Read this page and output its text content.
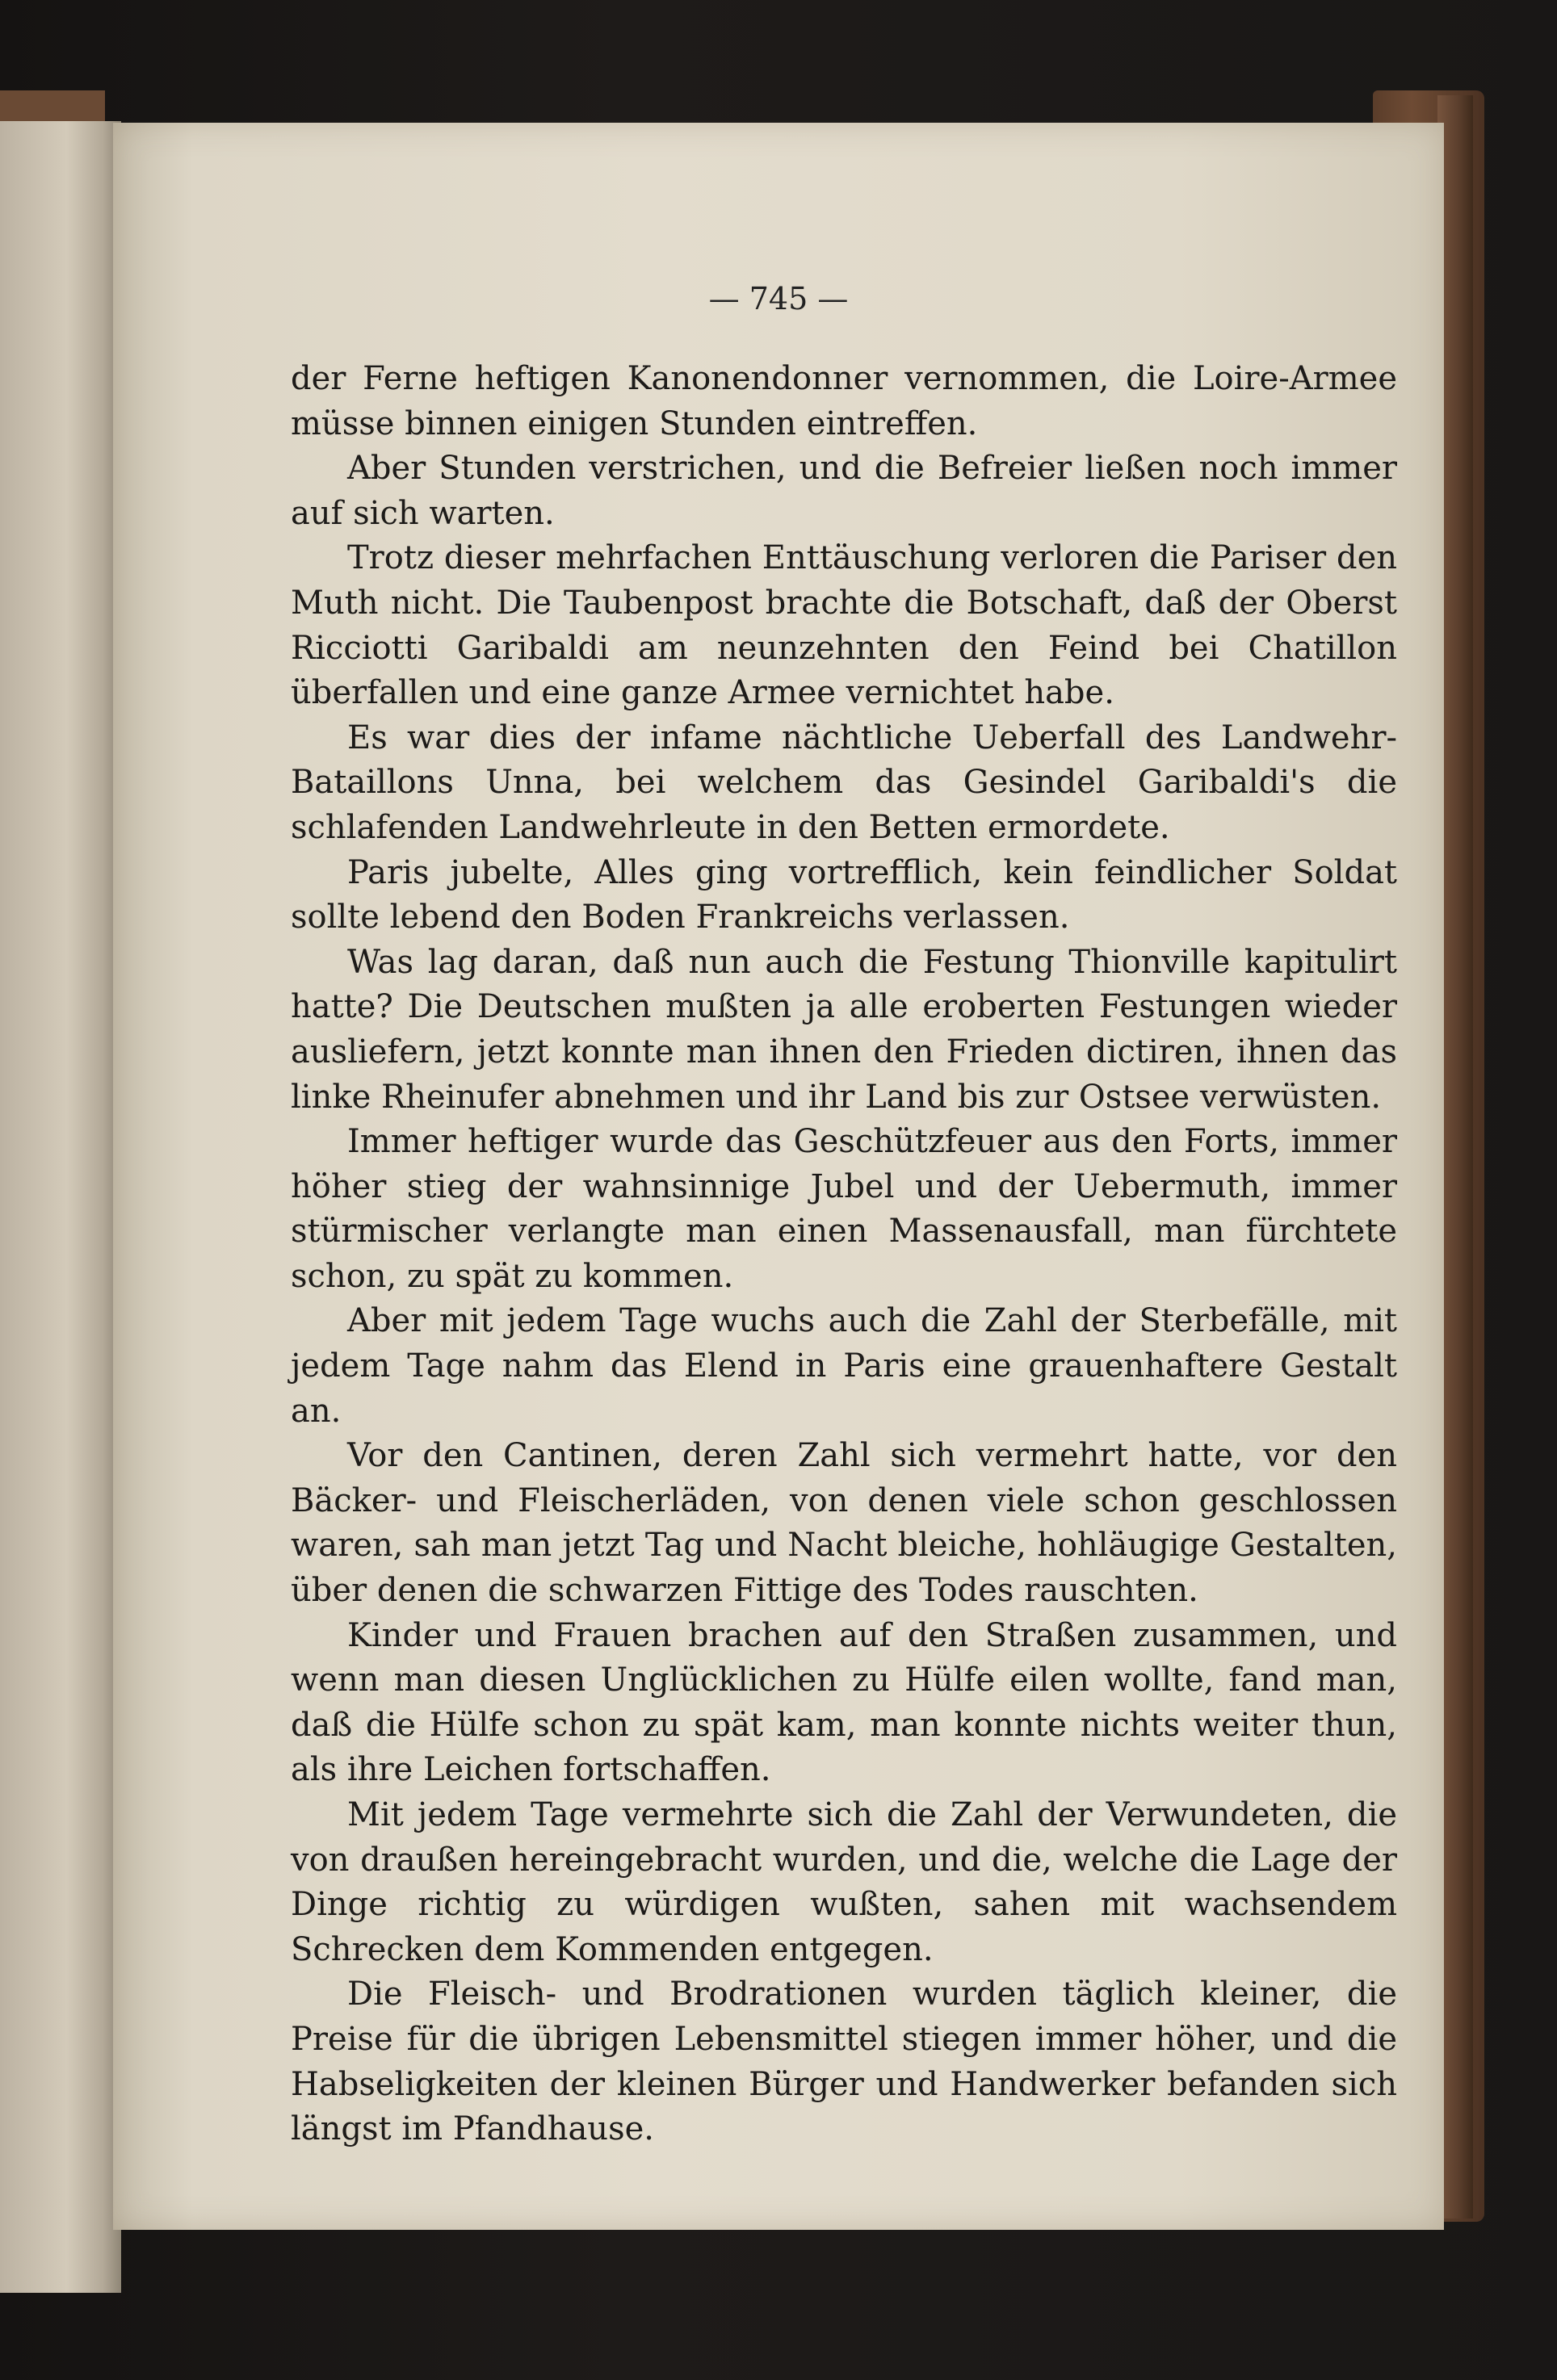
— 745 —

der Ferne heftigen Kanonendonner vernommen, die Loire-Armee müsse binnen einigen Stunden eintreffen.

Aber Stunden verstrichen, und die Befreier ließen noch immer auf sich warten.

Trotz dieser mehrfachen Enttäuschung verloren die Pariser den Muth nicht. Die Taubenpost brachte die Botschaft, daß der Oberst Ricciotti Garibaldi am neunzehnten den Feind bei Chatillon überfallen und eine ganze Armee vernichtet habe.

Es war dies der infame nächtliche Ueberfall des Landwehr-Bataillons Unna, bei welchem das Gesindel Garibaldi's die schlafenden Landwehrleute in den Betten ermordete.

Paris jubelte, Alles ging vortrefflich, kein feindlicher Soldat sollte lebend den Boden Frankreichs verlassen.

Was lag daran, daß nun auch die Festung Thionville kapitulirt hatte? Die Deutschen mußten ja alle eroberten Festungen wieder ausliefern, jetzt konnte man ihnen den Frieden dictiren, ihnen das linke Rheinufer abnehmen und ihr Land bis zur Ostsee verwüsten.

Immer heftiger wurde das Geschützfeuer aus den Forts, immer höher stieg der wahnsinnige Jubel und der Uebermuth, immer stürmischer verlangte man einen Massenausfall, man fürchtete schon, zu spät zu kommen.

Aber mit jedem Tage wuchs auch die Zahl der Sterbefälle, mit jedem Tage nahm das Elend in Paris eine grauenhaftere Gestalt an.

Vor den Cantinen, deren Zahl sich vermehrt hatte, vor den Bäcker- und Fleischerläden, von denen viele schon geschlossen waren, sah man jetzt Tag und Nacht bleiche, hohläugige Gestalten, über denen die schwarzen Fittige des Todes rauschten.

Kinder und Frauen brachen auf den Straßen zusammen, und wenn man diesen Unglücklichen zu Hülfe eilen wollte, fand man, daß die Hülfe schon zu spät kam, man konnte nichts weiter thun, als ihre Leichen fortschaffen.

Mit jedem Tage vermehrte sich die Zahl der Verwundeten, die von draußen hereingebracht wurden, und die, welche die Lage der Dinge richtig zu würdigen wußten, sahen mit wachsendem Schrecken dem Kommenden entgegen.

Die Fleisch- und Brodrationen wurden täglich kleiner, die Preise für die übrigen Lebensmittel stiegen immer höher, und die Habseligkeiten der kleinen Bürger und Handwerker befanden sich längst im Pfandhause.
